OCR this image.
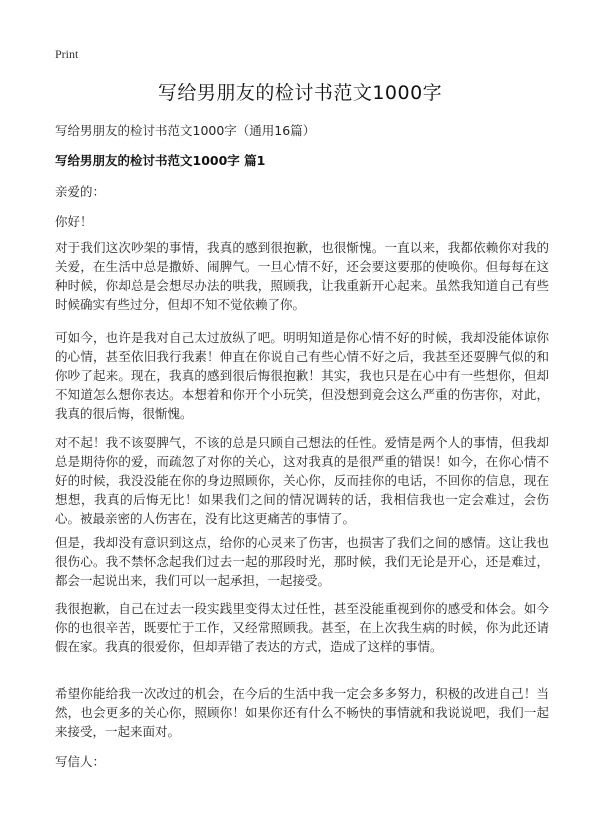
Print
写给男朋友的检讨书范文1000字
写给男朋友的检讨书范文1000字（通用16篇）
写给男朋友的检讨书范文1000字 篇1
亲爱的：
你好！
对于我们这次吵架的事情，我真的感到很抱歉，也很惭愧。一直以来，我都依赖你对我的关爱，在生活中总是撒娇、闹脾气。一旦心情不好，还会要这要那的使唤你。但每每在这种时候，你却总是会想尽办法的哄我，照顾我，让我重新开心起来。虽然我知道自己有些时候确实有些过分，但却不知不觉依赖了你。
可如今，也许是我对自己太过放纵了吧。明明知道是你心情不好的时候，我却没能体谅你的心情，甚至依旧我行我素！伸直在你说自己有些心情不好之后，我甚至还耍脾气似的和你吵了起来。现在，我真的感到很后悔很抱歉！其实，我也只是在心中有一些想你，但却不知道怎么想你表达。本想着和你开个小玩笑，但没想到竟会这么严重的伤害你，对此，我真的很后悔，很惭愧。
对不起！我不该耍脾气，不该的总是只顾自己想法的任性。爱情是两个人的事情，但我却总是期待你的爱，而疏忽了对你的关心，这对我真的是很严重的错误！如今，在你心情不好的时候，我没没能在你的身边照顾你，关心你，反而挂你的电话，不回你的信息，现在想想，我真的后悔无比！如果我们之间的情况调转的话，我相信我也一定会难过，会伤心。被最亲密的人伤害在，没有比这更痛苦的事情了。
但是，我却没有意识到这点，给你的心灵来了伤害，也损害了我们之间的感情。这让我也很伤心。我不禁怀念起我们过去一起的那段时光，那时候，我们无论是开心，还是难过，都会一起说出来，我们可以一起承担，一起接受。
我很抱歉，自己在过去一段实践里变得太过任性，甚至没能重视到你的感受和体会。如今你的也很辛苦，既要忙于工作，又经常照顾我。甚至，在上次我生病的时候，你为此还请假在家。我真的很爱你，但却弄错了表达的方式，造成了这样的事情。
希望你能给我一次改过的机会，在今后的生活中我一定会多多努力，积极的改进自己！当然，也会更多的关心你，照顾你！如果你还有什么不畅快的事情就和我说说吧，我们一起来接受，一起来面对。
写信人：
